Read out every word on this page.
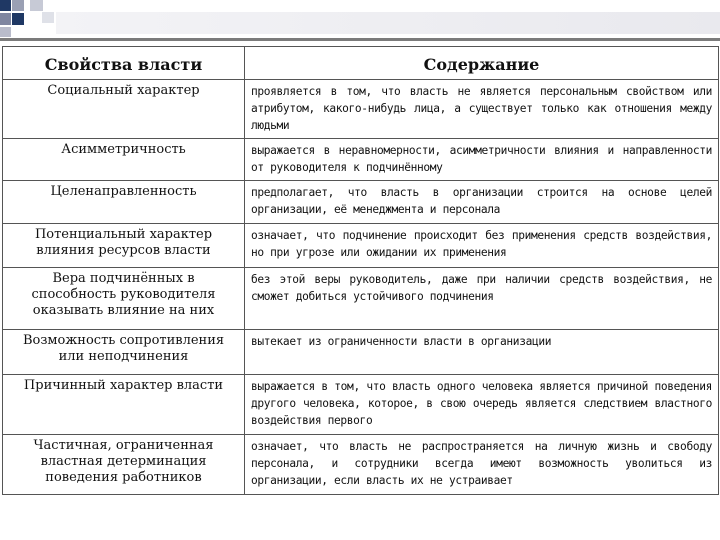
Свойства власти	Содержание
Социальный характер	проявляется в том, что власть не является персональным свойством или атрибутом, какого-нибудь лица, а существует только как отношения между людьми
Асимметричность	выражается в неравномерности, асимметричности влияния и направленности от руководителя к подчинённому
Целенаправленность	предполагает, что власть в организации строится на основе целей организации, её менеджмента и персонала
Потенциальный характер влияния ресурсов власти	означает, что подчинение происходит без применения средств воздействия, но при угрозе или ожидании их применения
Вера подчинённых в способность руководителя оказывать влияние на них	без этой веры руководитель, даже при наличии средств воздействия, не сможет добиться устойчивого подчинения
Возможность сопротивления или неподчинения	вытекает из ограниченности власти в организации
Причинный характер власти	выражается в том, что власть одного человека является причиной поведения другого человека, которое, в свою очередь является следствием властного воздействия первого
Частичная, ограниченная властная детерминация поведения работников	означает, что власть не распространяется на личную жизнь и свободу персонала, и сотрудники всегда имеют возможность уволиться из организации, если власть их не устраивает
